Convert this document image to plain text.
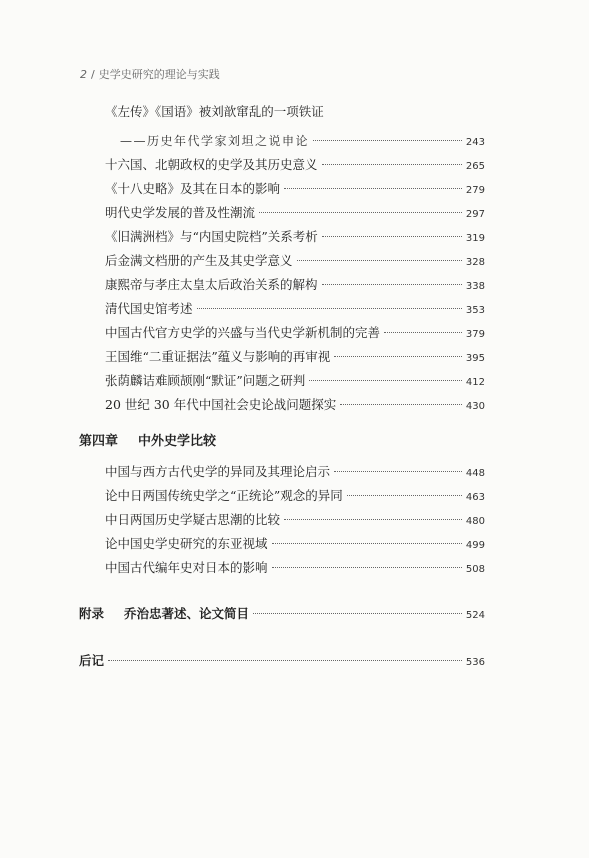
2 / 史学史研究的理论与实践
《左传》《国语》被刘歆窜乱的一项铁证
——历史年代学家刘坦之说申论	243
十六国、北朝政权的史学及其历史意义	265
《十八史略》及其在日本的影响	279
明代史学发展的普及性潮流	297
《旧满洲档》与“内国史院档”关系考析	319
后金满文档册的产生及其史学意义	328
康熙帝与孝庄太皇太后政治关系的解构	338
清代国史馆考述	353
中国古代官方史学的兴盛与当代史学新机制的完善	379
王国维“二重证据法”蕴义与影响的再审视	395
张荫麟诘难顾颉刚“默证”问题之研判	412
20 世纪 30 年代中国社会史论战问题探实	430
第四章 中外史学比较
中国与西方古代史学的异同及其理论启示	448
论中日两国传统史学之“正统论”观念的异同	463
中日两国历史学疑古思潮的比较	480
论中国史学史研究的东亚视域	499
中国古代编年史对日本的影响	508
附录 乔治忠著述、论文简目	524
后记	536
